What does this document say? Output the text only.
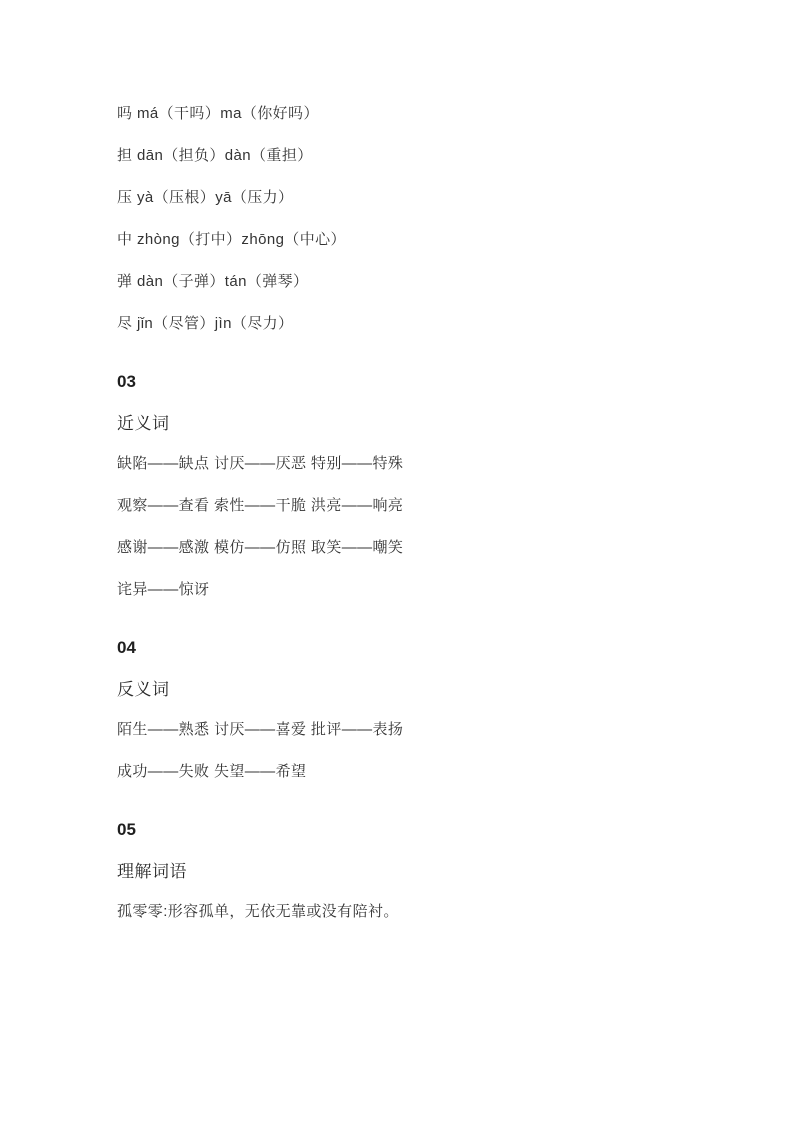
吗 má（干吗）ma（你好吗）

担 dān（担负）dàn（重担）

压 yà（压根）yā（压力）

中 zhòng（打中）zhōng（中心）

弹 dàn（子弹）tán（弹琴）

尽 jǐn（尽管）jìn（尽力）

03
近义词

缺陷——缺点 讨厌——厌恶 特别——特殊

观察——查看 索性——干脆 洪亮——响亮

感谢——感激 模仿——仿照 取笑——嘲笑

诧异——惊讶

04
反义词

陌生——熟悉 讨厌——喜爱 批评——表扬

成功——失败 失望——希望

05
理解词语

孤零零:形容孤单，无依无靠或没有陪衬。
